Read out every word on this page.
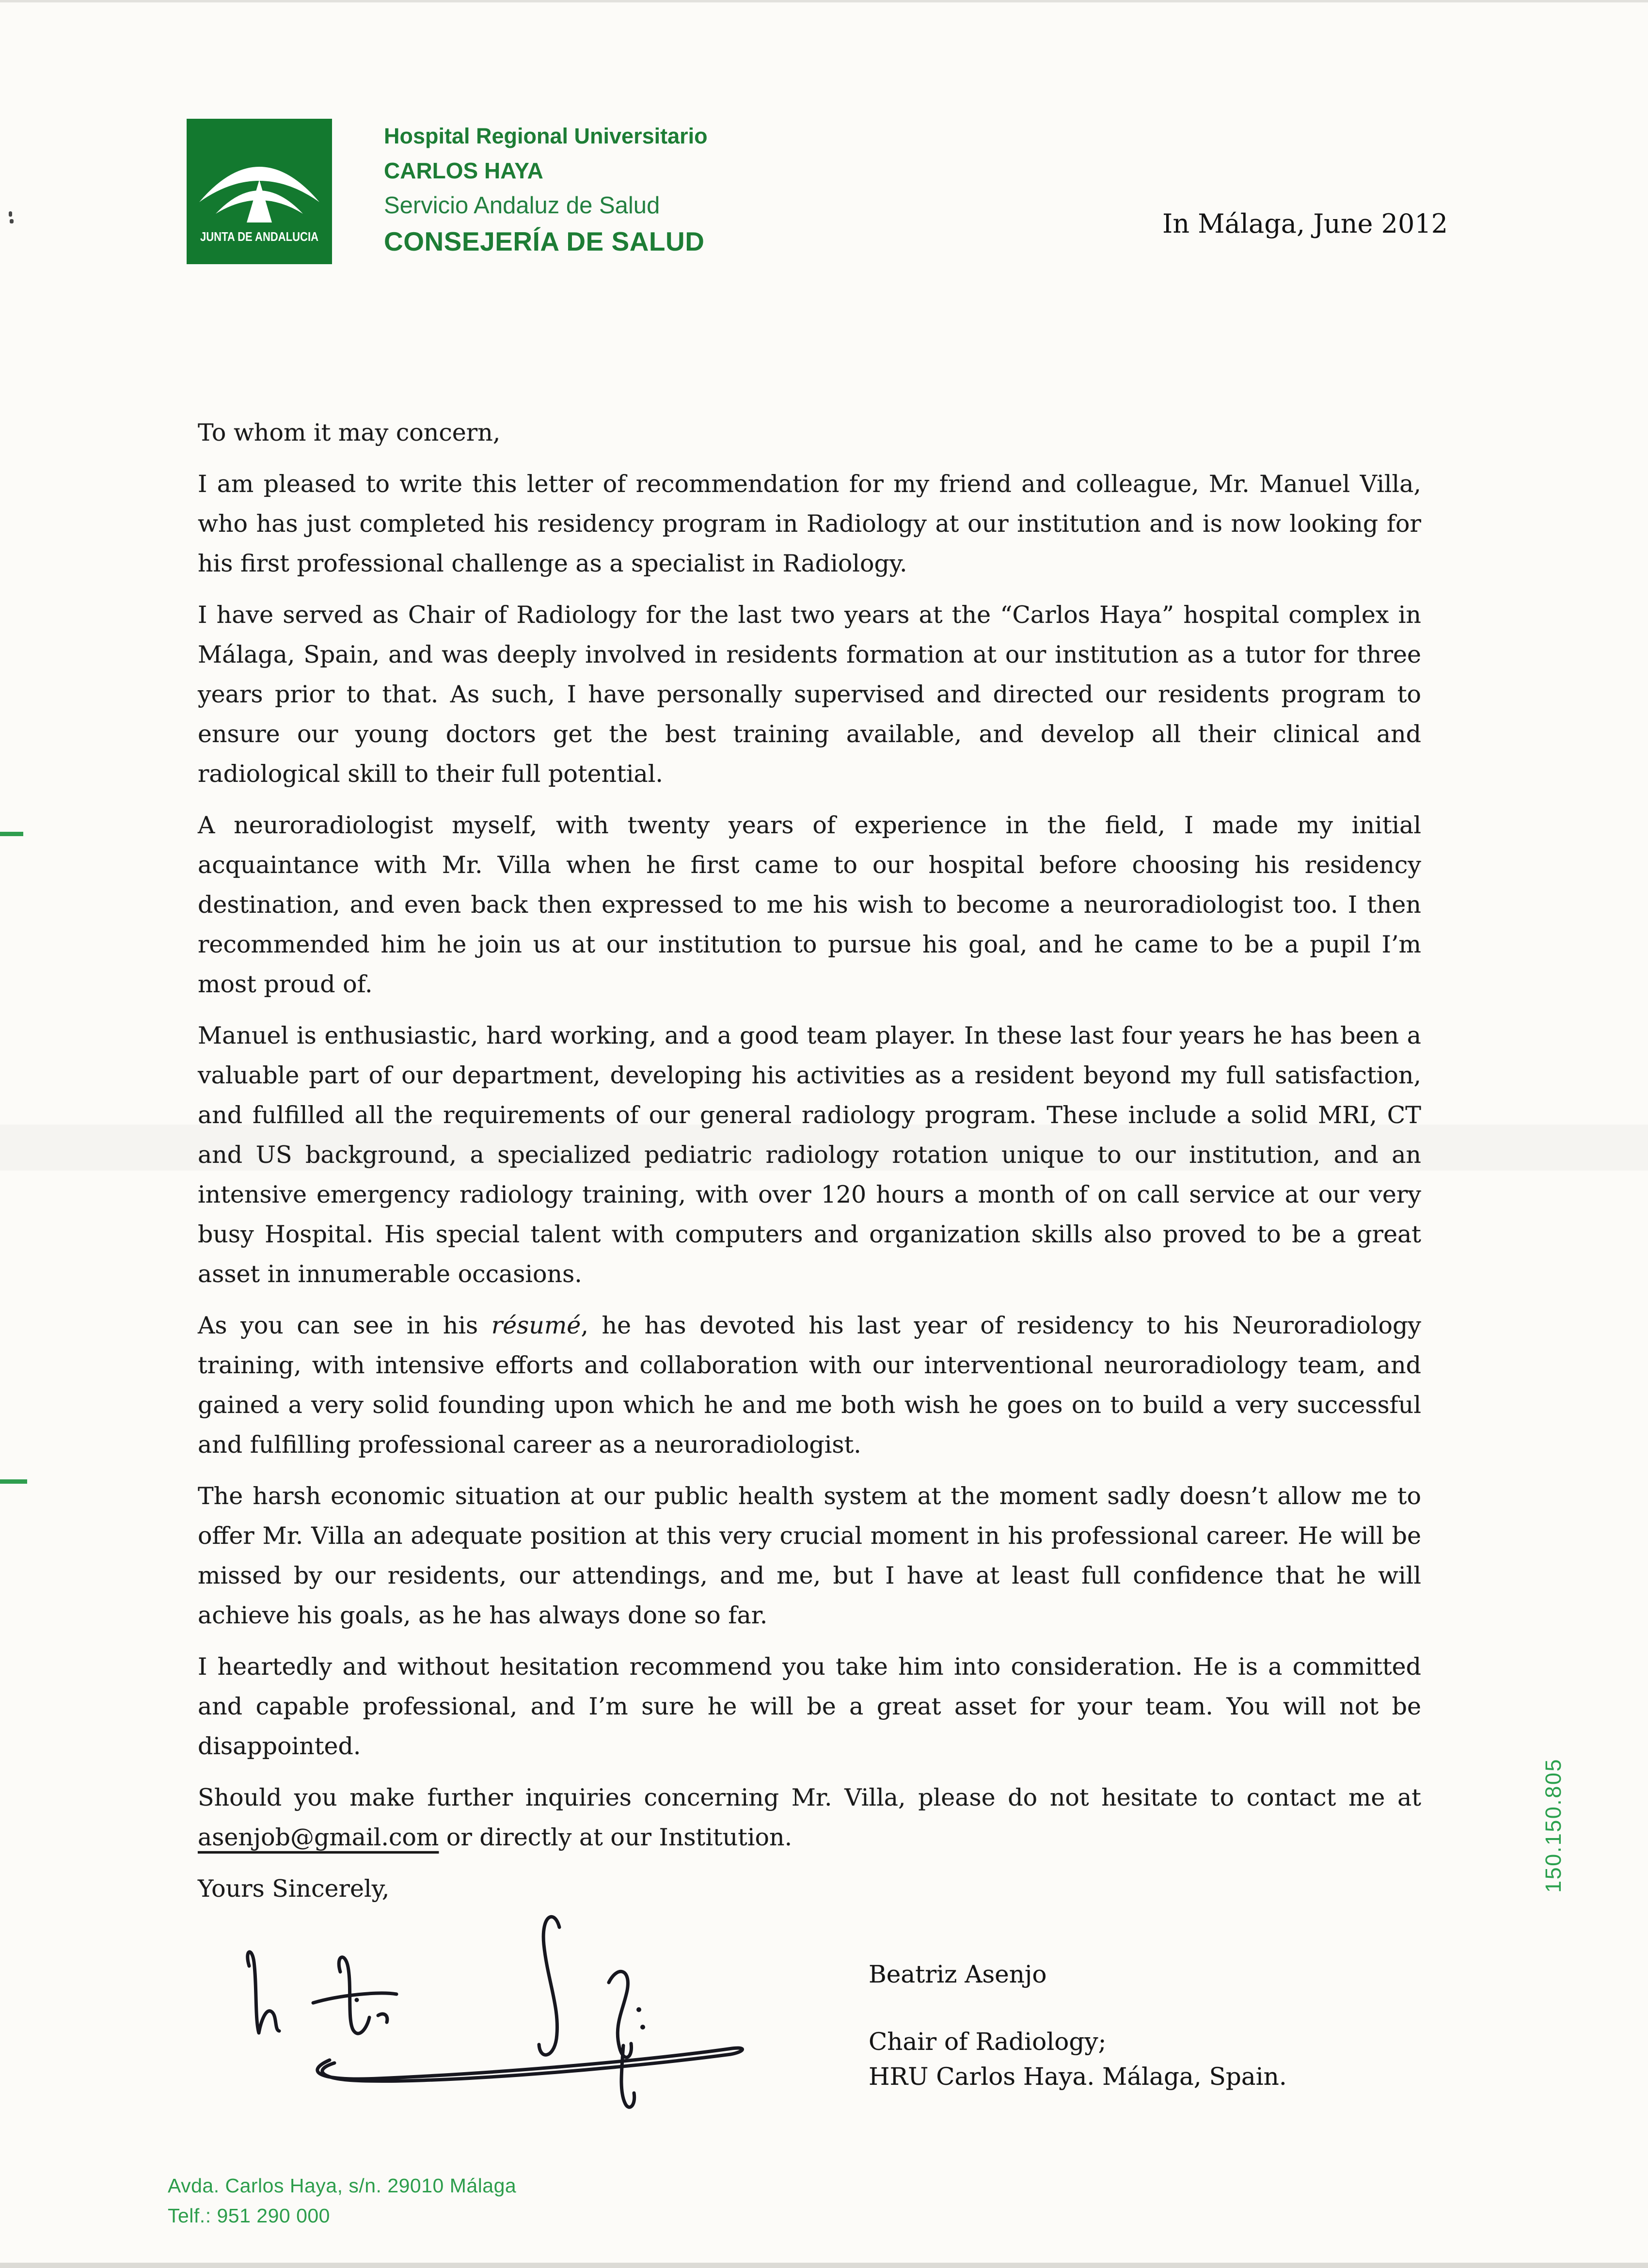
JUNTA DE ANDALUCIA
Hospital Regional Universitario
CARLOS HAYA
Servicio Andaluz de Salud
CONSEJERÍA DE SALUD
In Málaga, June 2012

To whom it may concern,

I am pleased to write this letter of recommendation for my friend and colleague, Mr. Manuel Villa, who has just completed his residency program in Radiology at our institution and is now looking for his first professional challenge as a specialist in Radiology.

I have served as Chair of Radiology for the last two years at the “Carlos Haya” hospital complex in Málaga, Spain, and was deeply involved in residents formation at our institution as a tutor for three years prior to that. As such, I have personally supervised and directed our residents program to ensure our young doctors get the best training available, and develop all their clinical and radiological skill to their full potential.

A neuroradiologist myself, with twenty years of experience in the field, I made my initial acquaintance with Mr. Villa when he first came to our hospital before choosing his residency destination, and even back then expressed to me his wish to become a neuroradiologist too. I then recommended him he join us at our institution to pursue his goal, and he came to be a pupil I’m most proud of.

Manuel is enthusiastic, hard working, and a good team player. In these last four years he has been a valuable part of our department, developing his activities as a resident beyond my full satisfaction, and fulfilled all the requirements of our general radiology program. These include a solid MRI, CT and US background, a specialized pediatric radiology rotation unique to our institution, and an intensive emergency radiology training, with over 120 hours a month of on call service at our very busy Hospital. His special talent with computers and organization skills also proved to be a great asset in innumerable occasions.

As you can see in his résumé, he has devoted his last year of residency to his Neuroradiology training, with intensive efforts and collaboration with our interventional neuroradiology team, and gained a very solid founding upon which he and me both wish he goes on to build a very successful and fulfilling professional career as a neuroradiologist.

The harsh economic situation at our public health system at the moment sadly doesn’t allow me to offer Mr. Villa an adequate position at this very crucial moment in his professional career. He will be missed by our residents, our attendings, and me, but I have at least full confidence that he will achieve his goals, as he has always done so far.

I heartedly and without hesitation recommend you take him into consideration. He is a committed and capable professional, and I’m sure he will be a great asset for your team. You will not be disappointed.

Should you make further inquiries concerning Mr. Villa, please do not hesitate to contact me at asenjob@gmail.com or directly at our Institution.

Yours Sincerely,

Beatriz Asenjo
Chair of Radiology;
HRU Carlos Haya. Málaga, Spain.
Avda. Carlos Haya, s/n. 29010 Málaga
Telf.: 951 290 000
150.150.805
